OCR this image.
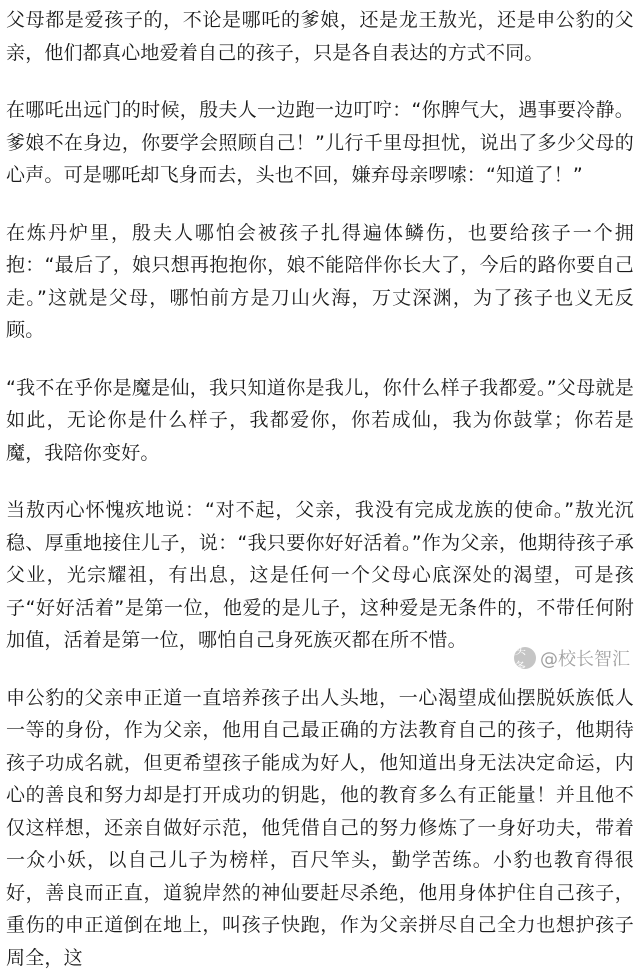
父母都是爱孩子的，不论是哪吒的爹娘，还是龙王敖光，还是申公豹的父亲，他们都真心地爱着自己的孩子，只是各自表达的方式不同。

在哪吒出远门的时候，殷夫人一边跑一边叮咛：“你脾气大，遇事要冷静。爹娘不在身边，你要学会照顾自己！”儿行千里母担忧，说出了多少父母的心声。可是哪吒却飞身而去，头也不回，嫌弃母亲啰嗦：“知道了！”

在炼丹炉里，殷夫人哪怕会被孩子扎得遍体鳞伤，也要给孩子一个拥抱：“最后了，娘只想再抱抱你，娘不能陪伴你长大了，今后的路你要自己走。”这就是父母，哪怕前方是刀山火海，万丈深渊，为了孩子也义无反顾。

“我不在乎你是魔是仙，我只知道你是我儿，你什么样子我都爱。”父母就是如此，无论你是什么样子，我都爱你，你若成仙，我为你鼓掌；你若是魔，我陪你变好。

当敖丙心怀愧疚地说：“对不起，父亲，我没有完成龙族的使命。”敖光沉稳、厚重地接住儿子，说：“我只要你好好活着。”作为父亲，他期待孩子承父业，光宗耀祖，有出息，这是任何一个父母心底深处的渴望，可是孩子“好好活着”是第一位，他爱的是儿子，这种爱是无条件的，不带任何附加值，活着是第一位，哪怕自己身死族灭都在所不惜。

申公豹的父亲申正道一直培养孩子出人头地，一心渴望成仙摆脱妖族低人一等的身份，作为父亲，他用自己最正确的方法教育自己的孩子，他期待孩子功成名就，但更希望孩子能成为好人，他知道出身无法决定命运，内心的善良和努力却是打开成功的钥匙，他的教育多么有正能量！并且他不仅这样想，还亲自做好示范，他凭借自己的努力修炼了一身好功夫，带着一众小妖，以自己儿子为榜样，百尺竿头，勤学苦练。小豹也教育得很好，善良而正直，道貌岸然的神仙要赶尽杀绝，他用身体护住自己孩子，重伤的申正道倒在地上，叫孩子快跑，作为父亲拼尽自己全力也想护孩子周全，这

头条 @校长智汇
